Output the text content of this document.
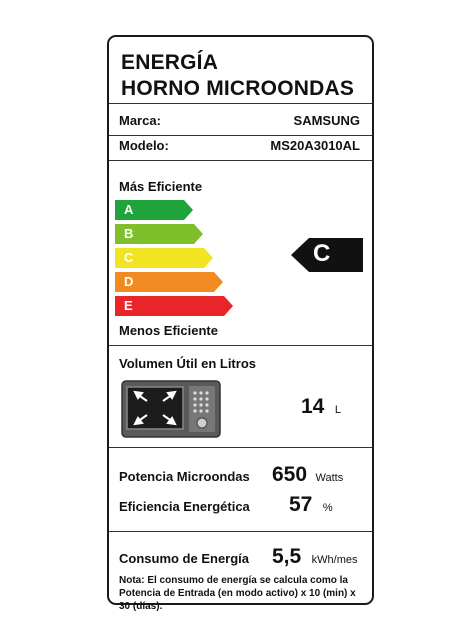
ENERGÍA
HORNO MICROONDAS
Marca:	SAMSUNG
Modelo:	MS20A3010AL
Más Eficiente
A
B
C
D
E
C
Menos Eficiente
Volumen Útil en Litros
14 L
Potencia Microondas 650 Watts
Eficiencia Energética 57 %
Consumo de Energía 5,5 kWh/mes
Nota: El consumo de energía se calcula como la Potencia de Entrada (en modo activo) x 10 (min) x 30 (días).
